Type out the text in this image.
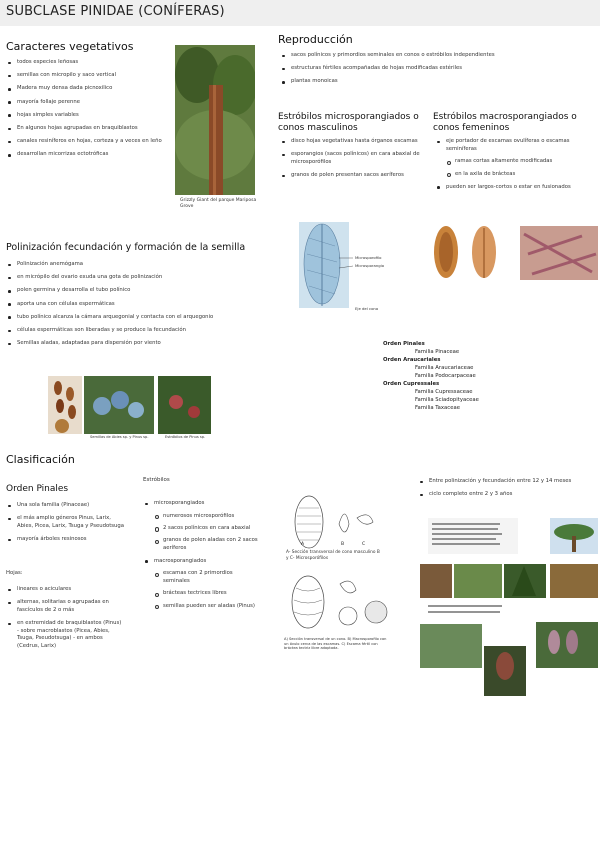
SUBCLASE PINIDAE (CONÍFERAS)
Caracteres vegetativos
todos especies leñosas
semillas con micropilo y saco vertical
Madera muy densa dada picnoxilico
mayoría follaje perenne
hojas simples variables
En algunos hojas agrupadas en braquiblastos
canales resiníferos en hojas, corteza y a veces en leño
desarrollan micorrizas ectotróficas
Grizzly Giant del parque Mariposa Grove
Reproducción
sacos polínicos y primordios seminales en conos o estróbilos independientes
estructuras fértiles acompañadas de hojas modificadas estériles
plantas monoicas
Estróbilos microsporangiados o conos masculinos
disco hojas vegetativas hasta órganos escamas
esporangios (sacos polínicos) en cara abaxial de microsporófilos
granos de polen presentan sacos aeríferos
Microsporofilo
Microsporangio
Eje del cono
Estróbilos macrosporangiados o conos femeninos
eje portador de escamas ovulíferas o escamas seminíferas
ramas cortas altamente modificadas
en la axila de brácteas
pueden ser largos-cortos o estar en fusionados
Orden Pinales
Familia Pinaceae
Orden Araucariales
Familia Araucariaceae
Familia Podocarpaceae
Orden Cupressales
Familia Cupressaceae
Familia Sciadopityaceae
Familia Taxaceae
Polinización fecundación y formación de la semilla
Polinización anemógama
en micrópilo del ovario exuda una gota de polinización
polen germina y desarrolla el tubo polínico
aporta una con células espermáticas
tubo polínico alcanza la cámara arquegonial y contacta con el arquegonio
células espermáticas son liberadas y se produce la fecundación
Semillas aladas, adaptadas para dispersión por viento
Semillas de Abies sp. y Pinus sp.	Estróbilos de Pinus sp.
Clasificación
Orden Pinales
Una sola familia (Pinaceae)
el más amplio géneros Pinus, Larix, Abies, Picea, Larix, Tsuga y Pseudotsuga
mayoría árboles resinosos
Hojas:
lineares o aciculares
alternas, solitarias o agrupadas en fascículos de 2 o más
en extremidad de braquiblastos (Pinus) - sobre macroblastos (Picea, Abies, Tsuga, Pseudotsuga) - en ambos (Cedrus, Larix)
Estróbilos
microsporangiados
numerosos microsporófilos
2 sacos polínicos en cara abaxial
granos de polen aladas con 2 sacos aeríferos
macrosporangiados
escamas con 2 primordios seminales
brácteas tectrices libres
semillas pueden ser aladas (Pinus)
A	B	C
A- Sección transversal de cono masculino B y C- Microsporófilos
A) Sección transversal de un cono. B) Macrosporofilo con un óvulo cerca de las escamas. C) Escama fértil con bráctea tectriz libre adaptada.
Entre polinización y fecundación entre 12 y 14 meses
ciclo completo entre 2 y 3 años
